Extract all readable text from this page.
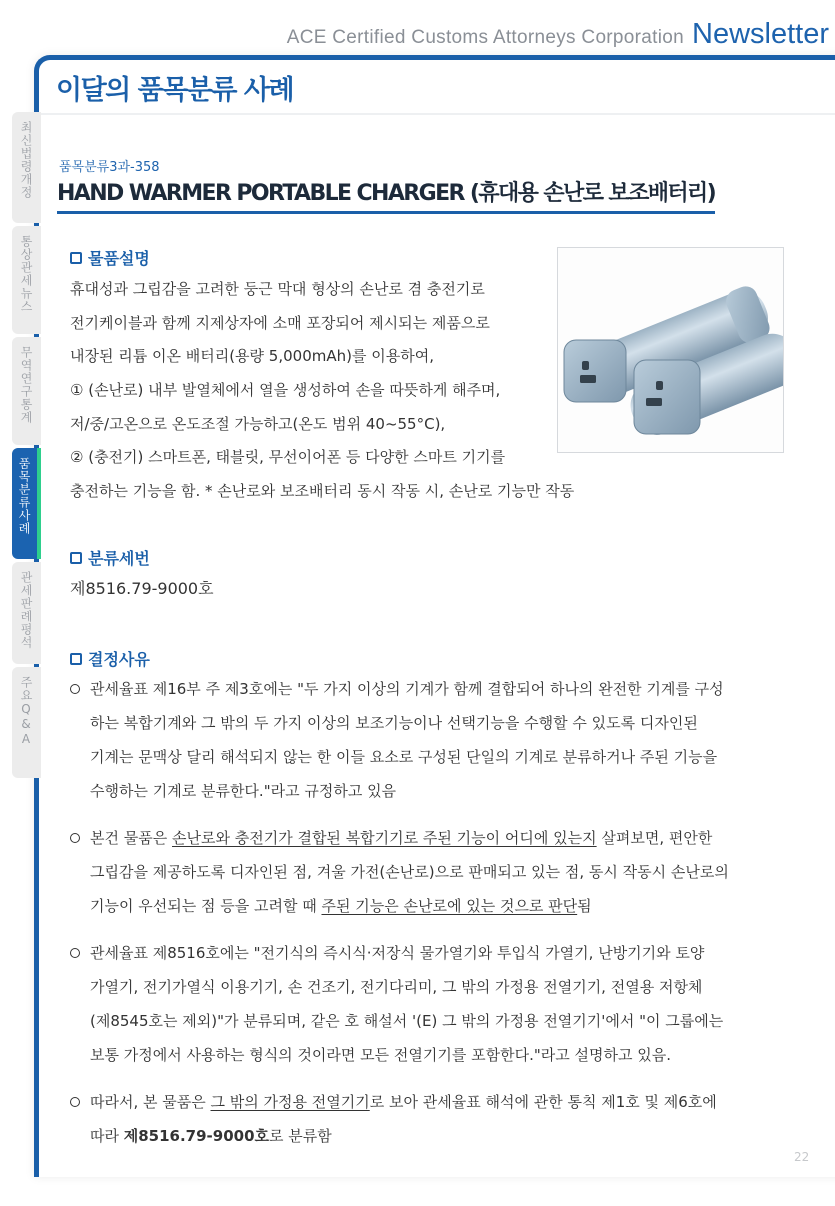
ACE Certified Customs Attorneys Corporation Newsletter
이달의 품목분류 사례
최신법령개정
통상관세뉴스
무역연구통계
품목분류사례
관세판례평석
주요Q&A
품목분류3과-358
HAND WARMER PORTABLE CHARGER (휴대용 손난로 보조배터리)
물품설명
휴대성과 그립감을 고려한 둥근 막대 형상의 손난로 겸 충전기로
전기케이블과 함께 지제상자에 소매 포장되어 제시되는 제품으로
내장된 리튬 이온 배터리(용량 5,000mAh)를 이용하여,
① (손난로) 내부 발열체에서 열을 생성하여 손을 따뜻하게 해주며,
저/중/고온으로 온도조절 가능하고(온도 범위 40~55°C),
② (충전기) 스마트폰, 태블릿, 무선이어폰 등 다양한 스마트 기기를
충전하는 기능을 함. * 손난로와 보조배터리 동시 작동 시, 손난로 기능만 작동
분류세번
제8516.79-9000호
결정사유
관세율표 제16부 주 제3호에는 "두 가지 이상의 기계가 함께 결합되어 하나의 완전한 기계를 구성
하는 복합기계와 그 밖의 두 가지 이상의 보조기능이나 선택기능을 수행할 수 있도록 디자인된
기계는 문맥상 달리 해석되지 않는 한 이들 요소로 구성된 단일의 기계로 분류하거나 주된 기능을
수행하는 기계로 분류한다."라고 규정하고 있음
본건 물품은 손난로와 충전기가 결합된 복합기기로 주된 기능이 어디에 있는지 살펴보면, 편안한
그립감을 제공하도록 디자인된 점, 겨울 가전(손난로)으로 판매되고 있는 점, 동시 작동시 손난로의
기능이 우선되는 점 등을 고려할 때 주된 기능은 손난로에 있는 것으로 판단됨
관세율표 제8516호에는 "전기식의 즉시식·저장식 물가열기와 투입식 가열기, 난방기기와 토양
가열기, 전기가열식 이용기기, 손 건조기, 전기다리미, 그 밖의 가정용 전열기기, 전열용 저항체
(제8545호는 제외)"가 분류되며, 같은 호 해설서 '(E) 그 밖의 가정용 전열기기'에서 "이 그룹에는
보통 가정에서 사용하는 형식의 것이라면 모든 전열기기를 포함한다."라고 설명하고 있음.
따라서, 본 물품은 그 밖의 가정용 전열기기로 보아 관세율표 해석에 관한 통칙 제1호 및 제6호에
따라 제8516.79-9000호로 분류함
22
